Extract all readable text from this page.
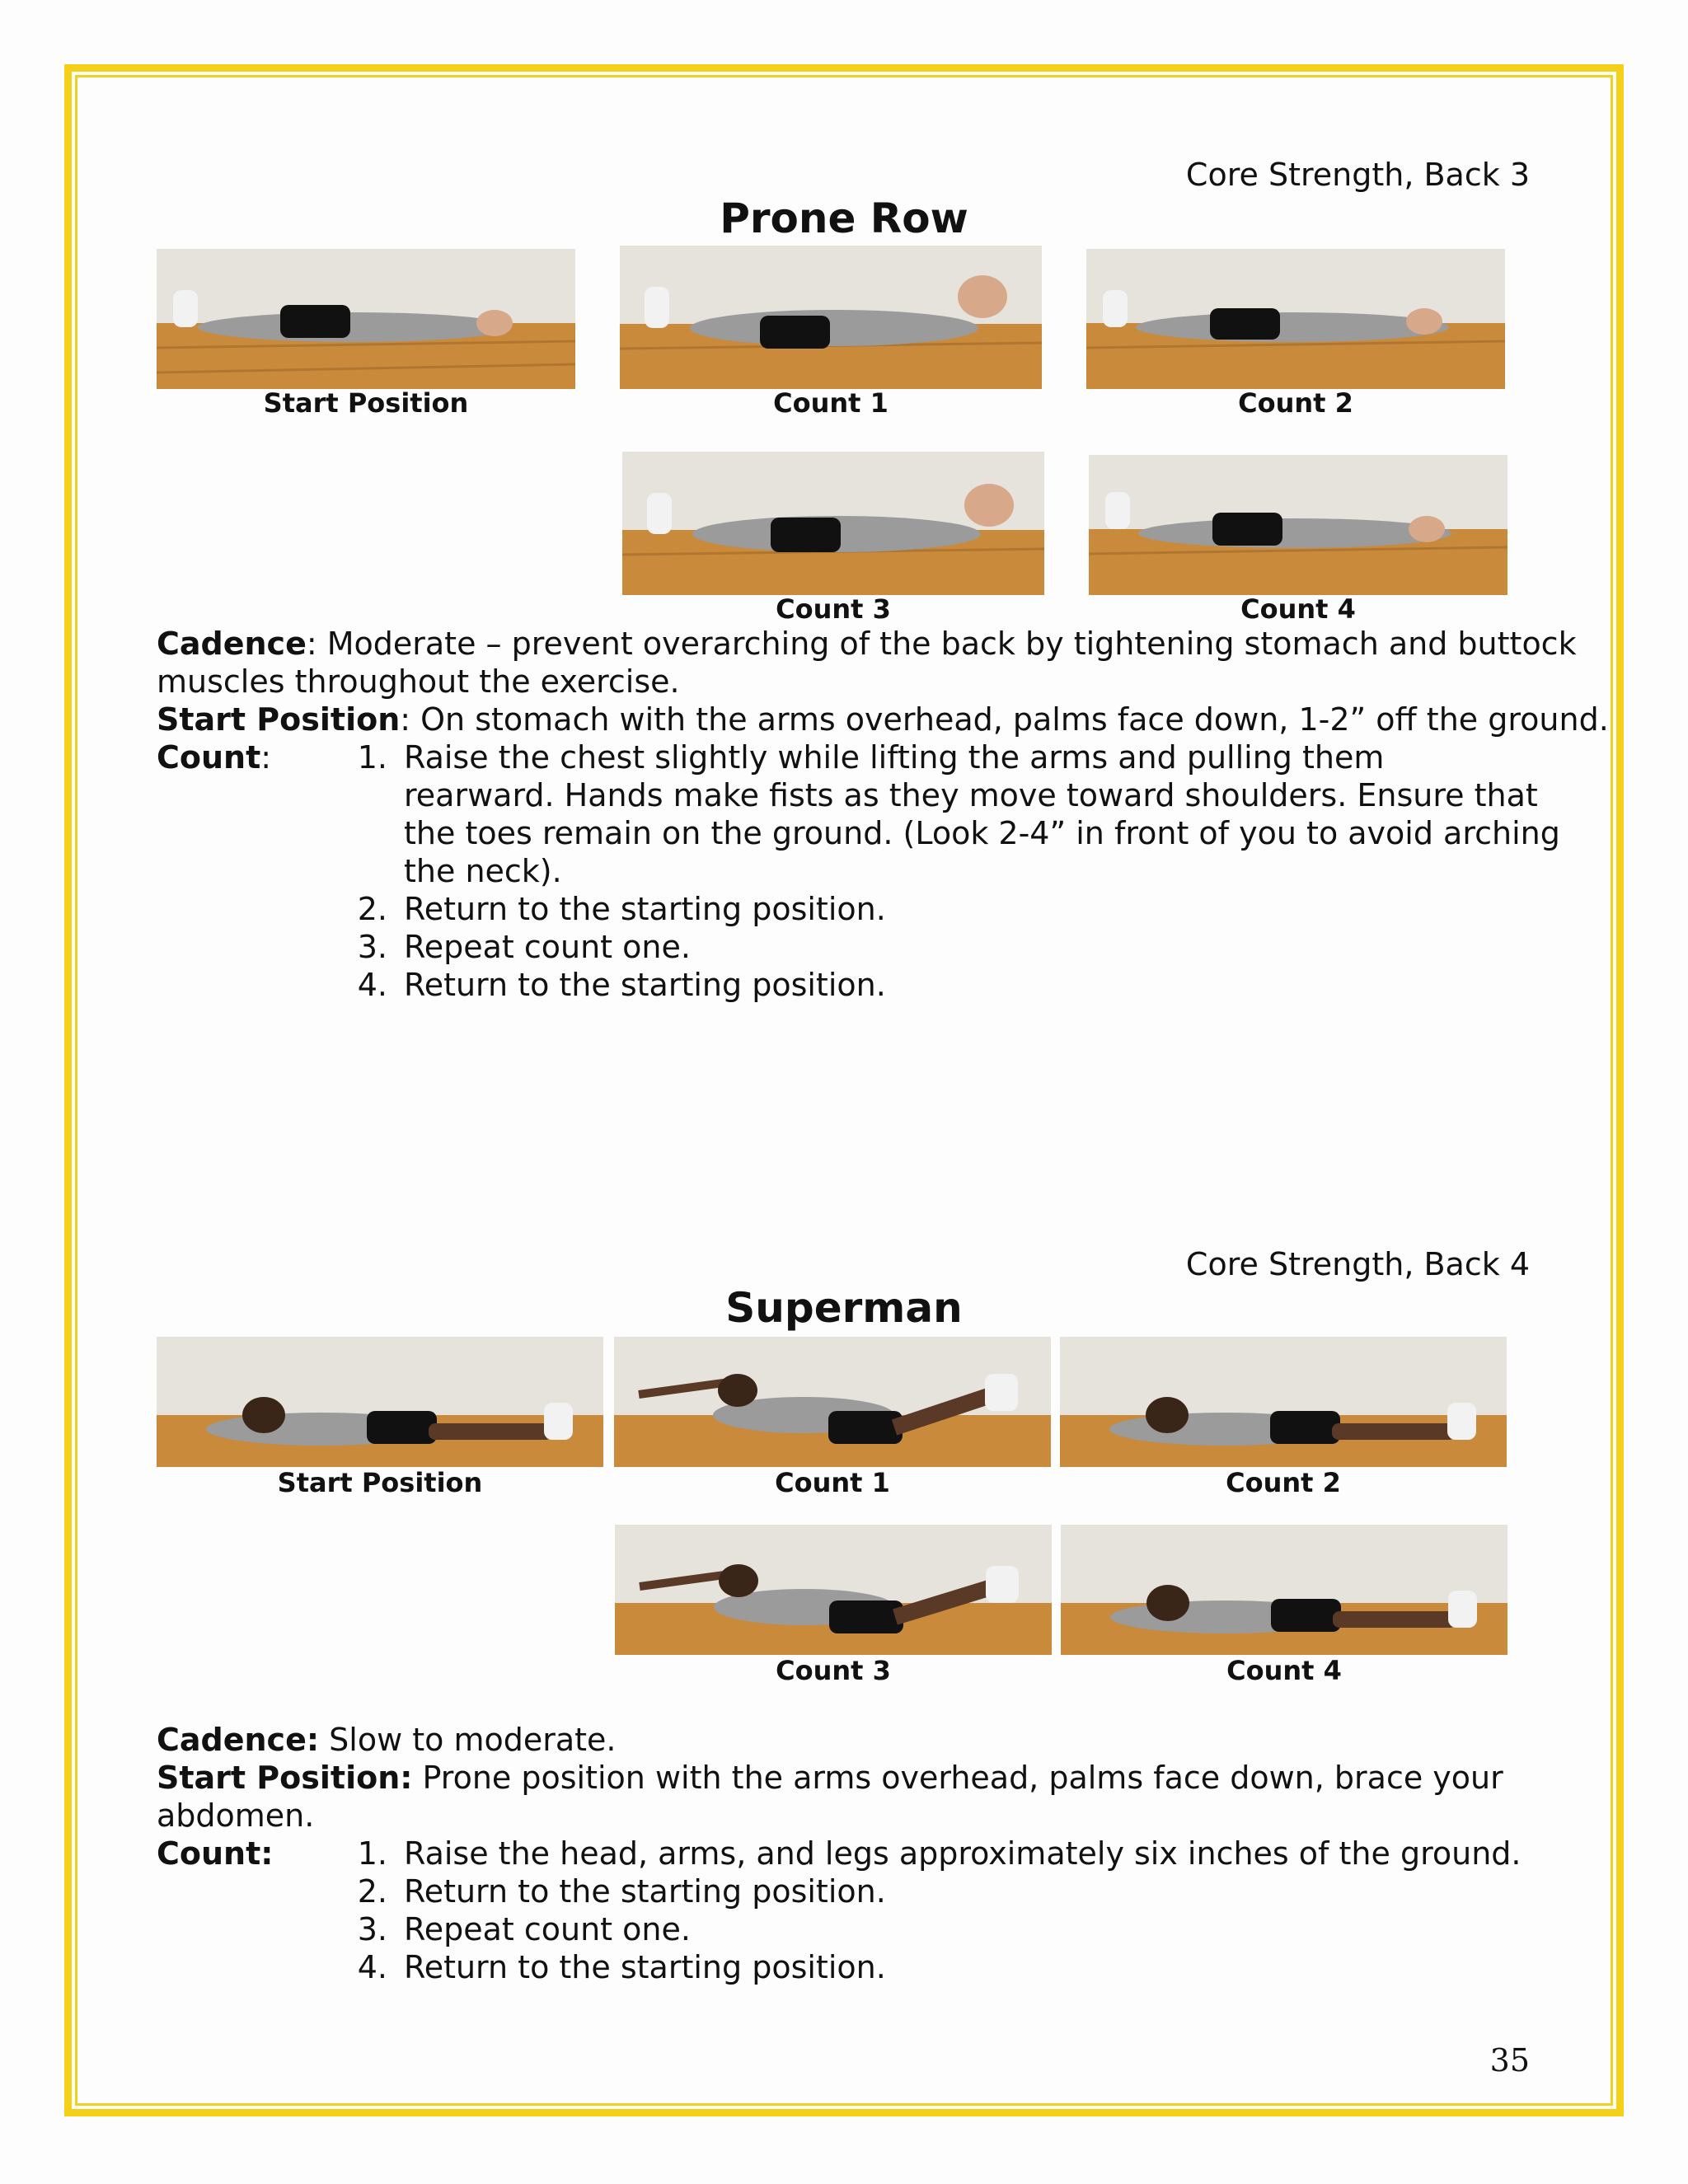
Core Strength, Back 3
Prone Row
Start Position	Count 1	Count 2
Count 3	Count 4
Cadence: Moderate – prevent overarching of the back by tightening stomach and buttock
muscles throughout the exercise.
Start Position: On stomach with the arms overhead, palms face down, 1-2” off the ground.
Count:	1. Raise the chest slightly while lifting the arms and pulling them
rearward. Hands make fists as they move toward shoulders. Ensure that
the toes remain on the ground. (Look 2-4” in front of you to avoid arching
the neck).
2. Return to the starting position.
3. Repeat count one.
4. Return to the starting position.
Core Strength, Back 4
Superman
Start Position	Count 1	Count 2
Count 3	Count 4
Cadence: Slow to moderate.
Start Position: Prone position with the arms overhead, palms face down, brace your
abdomen.
Count:	1. Raise the head, arms, and legs approximately six inches of the ground.
2. Return to the starting position.
3. Repeat count one.
4. Return to the starting position.
35
